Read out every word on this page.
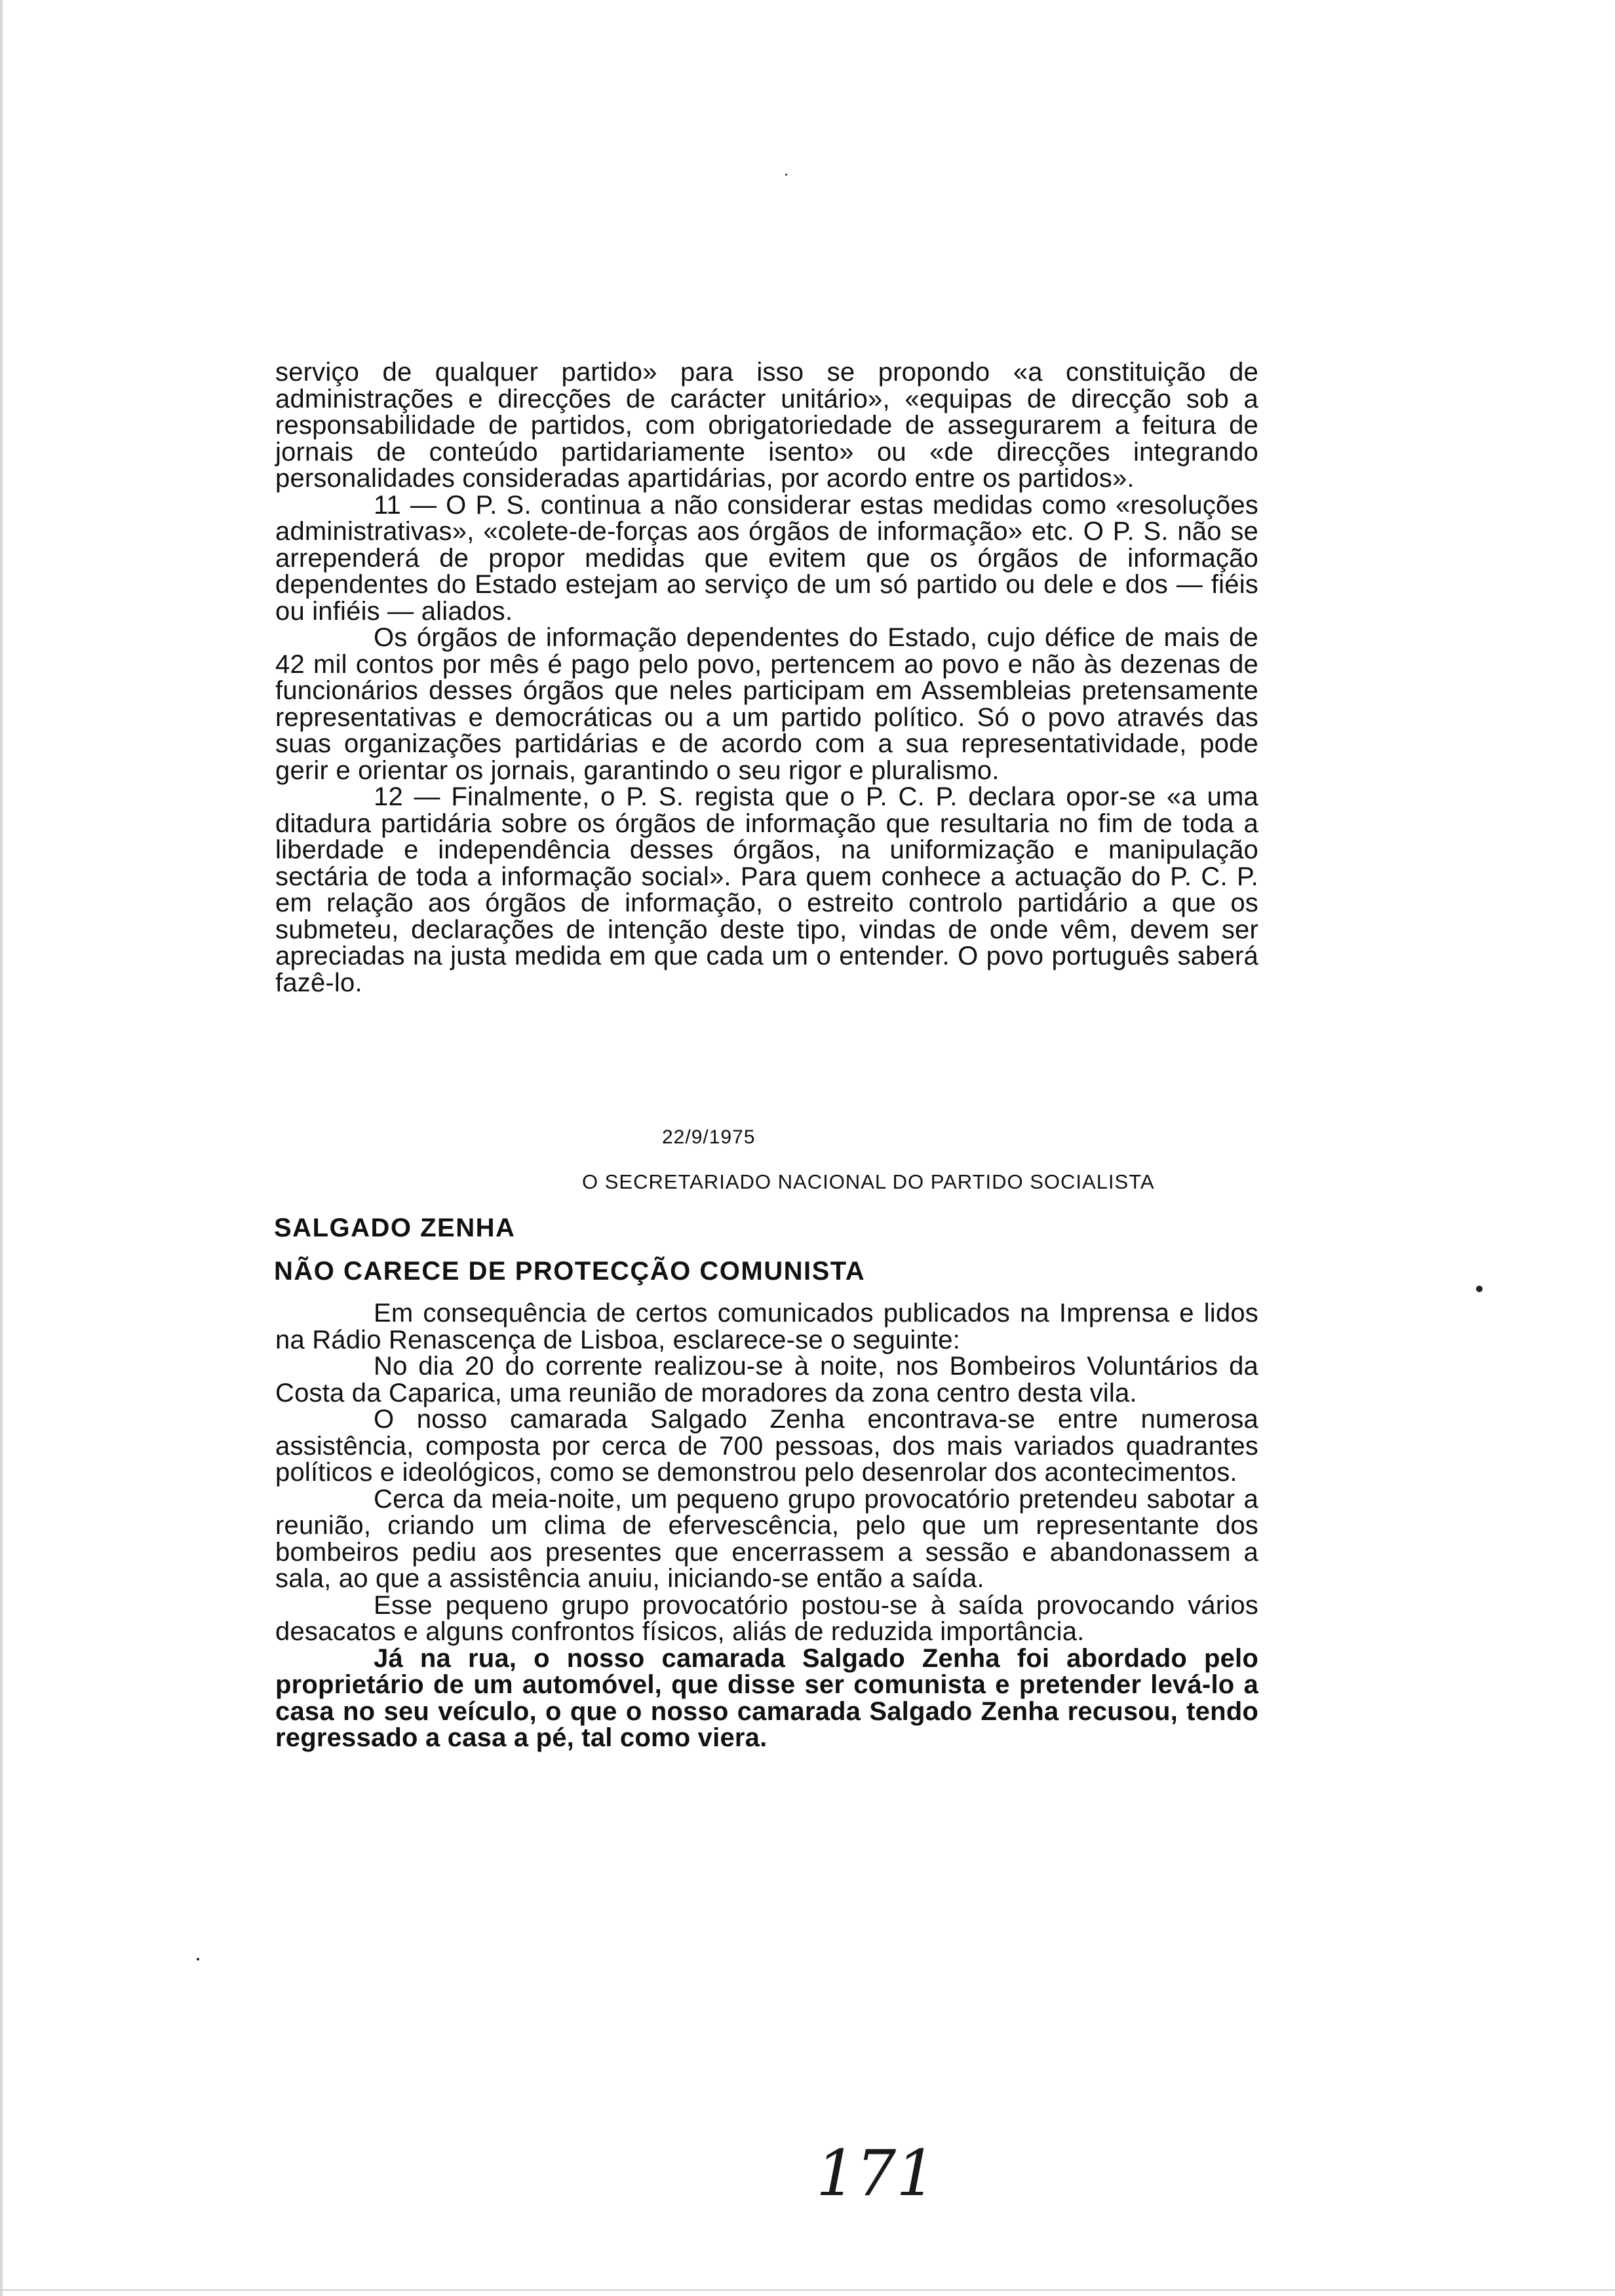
serviço de qualquer partido» para isso se propondo «a constituição de administrações e direcções de carácter unitário», «equipas de direcção sob a responsabilidade de partidos, com obrigatoriedade de assegurarem a feitura de jornais de conteúdo partidariamente isento» ou «de direcções integrando personalidades consideradas apartidárias, por acordo entre os partidos».

11 — O P. S. continua a não considerar estas medidas como «resoluções administrativas», «colete-de-forças aos órgãos de informação» etc. O P. S. não se arrependerá de propor medidas que evitem que os órgãos de informação dependentes do Estado estejam ao serviço de um só partido ou dele e dos — fiéis ou infiéis — aliados.

Os órgãos de informação dependentes do Estado, cujo défice de mais de 42 mil contos por mês é pago pelo povo, pertencem ao povo e não às dezenas de funcionários desses órgãos que neles participam em Assembleias pretensamente representativas e democráticas ou a um partido político. Só o povo através das suas organizações partidárias e de acordo com a sua representatividade, pode gerir e orientar os jornais, garantindo o seu rigor e pluralismo.

12 — Finalmente, o P. S. regista que o P. C. P. declara opor-se «a uma ditadura partidária sobre os órgãos de informação que resultaria no fim de toda a liberdade e independência desses órgãos, na uniformização e manipulação sectária de toda a informação social». Para quem conhece a actuação do P. C. P. em relação aos órgãos de informação, o estreito controlo partidário a que os submeteu, declarações de intenção deste tipo, vindas de onde vêm, devem ser apreciadas na justa medida em que cada um o entender. O povo português saberá fazê-lo.

22/9/1975
O SECRETARIADO NACIONAL DO PARTIDO SOCIALISTA
SALGADO ZENHA
NÃO CARECE DE PROTECÇÃO COMUNISTA

Em consequência de certos comunicados publicados na Imprensa e lidos na Rádio Renascença de Lisboa, esclarece-se o seguinte:

No dia 20 do corrente realizou-se à noite, nos Bombeiros Voluntários da Costa da Caparica, uma reunião de moradores da zona centro desta vila.

O nosso camarada Salgado Zenha encontrava-se entre numerosa assistência, composta por cerca de 700 pessoas, dos mais variados quadrantes políticos e ideológicos, como se demonstrou pelo desenrolar dos acontecimentos.

Cerca da meia-noite, um pequeno grupo provocatório pretendeu sabotar a reunião, criando um clima de efervescência, pelo que um representante dos bombeiros pediu aos presentes que encerrassem a sessão e abandonassem a sala, ao que a assistência anuiu, iniciando-se então a saída.

Esse pequeno grupo provocatório postou-se à saída provocando vários desacatos e alguns confrontos físicos, aliás de reduzida importância.

Já na rua, o nosso camarada Salgado Zenha foi abordado pelo proprietário de um automóvel, que disse ser comunista e pretender levá-lo a casa no seu veículo, o que o nosso camarada Salgado Zenha recusou, tendo regressado a casa a pé, tal como viera.

171
